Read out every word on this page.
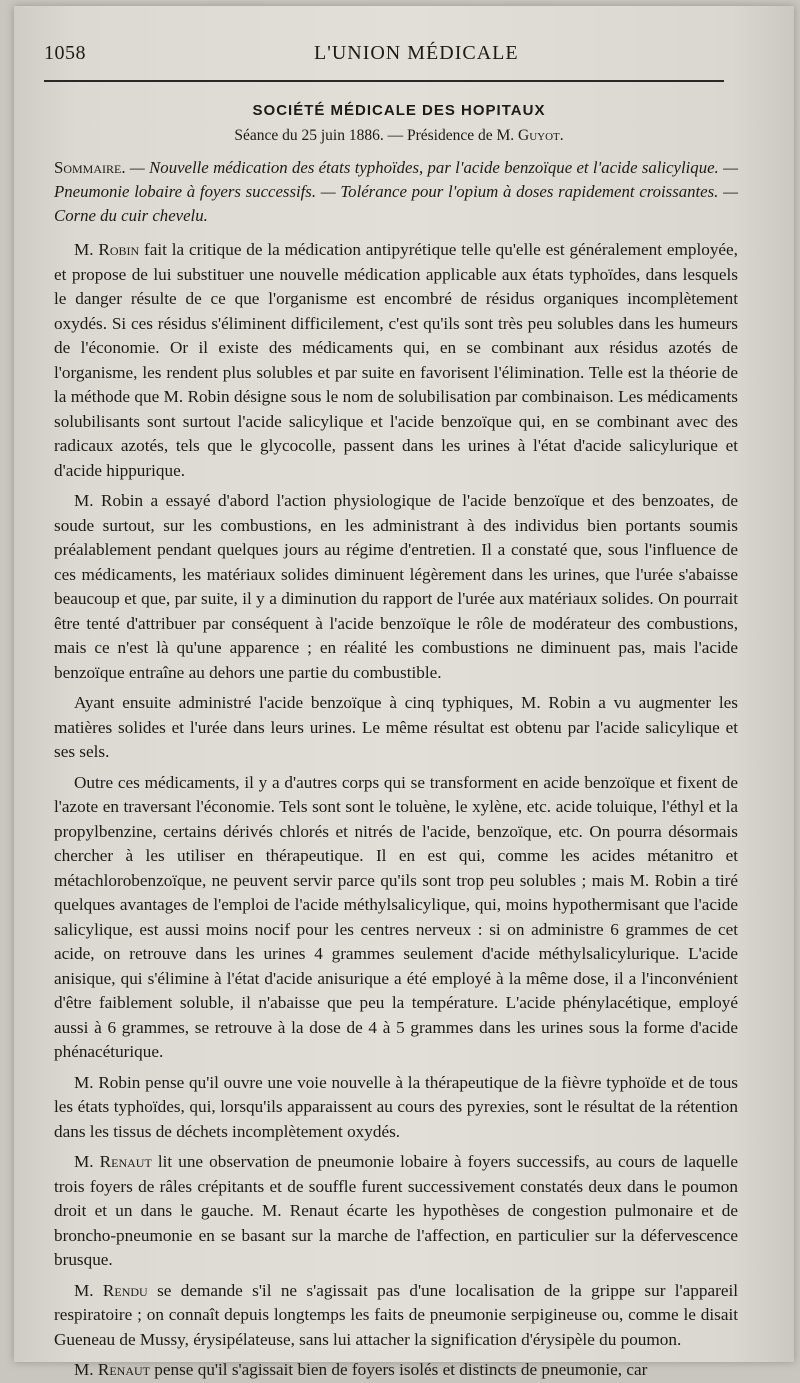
1058	L'UNION MÉDICALE
SOCIÉTÉ MÉDICALE DES HOPITAUX
Séance du 25 juin 1886. — Présidence de M. Guyot.
Sommaire. — Nouvelle médication des états typhoïdes, par l'acide benzoïque et l'acide salicylique. — Pneumonie lobaire à foyers successifs. — Tolérance pour l'opium à doses rapidement croissantes. — Corne du cuir chevelu.

M. Robin fait la critique de la médication antipyrétique telle qu'elle est généralement employée, et propose de lui substituer une nouvelle médication applicable aux états typhoïdes, dans lesquels le danger résulte de ce que l'organisme est encombré de résidus organiques incomplètement oxydés. Si ces résidus s'éliminent difficilement, c'est qu'ils sont très peu solubles dans les humeurs de l'économie. Or il existe des médicaments qui, en se combinant aux résidus azotés de l'organisme, les rendent plus solubles et par suite en favorisent l'élimination. Telle est la théorie de la méthode que M. Robin désigne sous le nom de solubilisation par combinaison. Les médicaments solubilisants sont surtout l'acide salicylique et l'acide benzoïque qui, en se combinant avec des radicaux azotés, tels que le glycocolle, passent dans les urines à l'état d'acide salicylurique et d'acide hippurique.

M. Robin a essayé d'abord l'action physiologique de l'acide benzoïque et des benzoates, de soude surtout, sur les combustions, en les administrant à des individus bien portants soumis préalablement pendant quelques jours au régime d'entretien. Il a constaté que, sous l'influence de ces médicaments, les matériaux solides diminuent légèrement dans les urines, que l'urée s'abaisse beaucoup et que, par suite, il y a diminution du rapport de l'urée aux matériaux solides. On pourrait être tenté d'attribuer par conséquent à l'acide benzoïque le rôle de modérateur des combustions, mais ce n'est là qu'une apparence ; en réalité les combustions ne diminuent pas, mais l'acide benzoïque entraîne au dehors une partie du combustible.

Ayant ensuite administré l'acide benzoïque à cinq typhiques, M. Robin a vu augmenter les matières solides et l'urée dans leurs urines. Le même résultat est obtenu par l'acide salicylique et ses sels.

Outre ces médicaments, il y a d'autres corps qui se transforment en acide benzoïque et fixent de l'azote en traversant l'économie. Tels sont sont le toluène, le xylène, etc. acide toluique, l'éthyl et la propylbenzine, certains dérivés chlorés et nitrés de l'acide, benzoïque, etc. On pourra désormais chercher à les utiliser en thérapeutique. Il en est qui, comme les acides métanitro et métachlorobenzoïque, ne peuvent servir parce qu'ils sont trop peu solubles ; mais M. Robin a tiré quelques avantages de l'emploi de l'acide méthylsalicylique, qui, moins hypothermisant que l'acide salicylique, est aussi moins nocif pour les centres nerveux : si on administre 6 grammes de cet acide, on retrouve dans les urines 4 grammes seulement d'acide méthylsalicylurique. L'acide anisique, qui s'élimine à l'état d'acide anisurique a été employé à la même dose, il a l'inconvénient d'être faiblement soluble, il n'abaisse que peu la température. L'acide phénylacétique, employé aussi à 6 grammes, se retrouve à la dose de 4 à 5 grammes dans les urines sous la forme d'acide phénacéturique.

M. Robin pense qu'il ouvre une voie nouvelle à la thérapeutique de la fièvre typhoïde et de tous les états typhoïdes, qui, lorsqu'ils apparaissent au cours des pyrexies, sont le résultat de la rétention dans les tissus de déchets incomplètement oxydés.

M. Renaut lit une observation de pneumonie lobaire à foyers successifs, au cours de laquelle trois foyers de râles crépitants et de souffle furent successivement constatés deux dans le poumon droit et un dans le gauche. M. Renaut écarte les hypothèses de congestion pulmonaire et de broncho-pneumonie en se basant sur la marche de l'affection, en particulier sur la défervescence brusque.

M. Rendu se demande s'il ne s'agissait pas d'une localisation de la grippe sur l'appareil respiratoire ; on connaît depuis longtemps les faits de pneumonie serpigineuse ou, comme le disait Gueneau de Mussy, érysipélateuse, sans lui attacher la signification d'érysipèle du poumon.

M. Renaut pense qu'il s'agissait bien de foyers isolés et distincts de pneumonie, car
